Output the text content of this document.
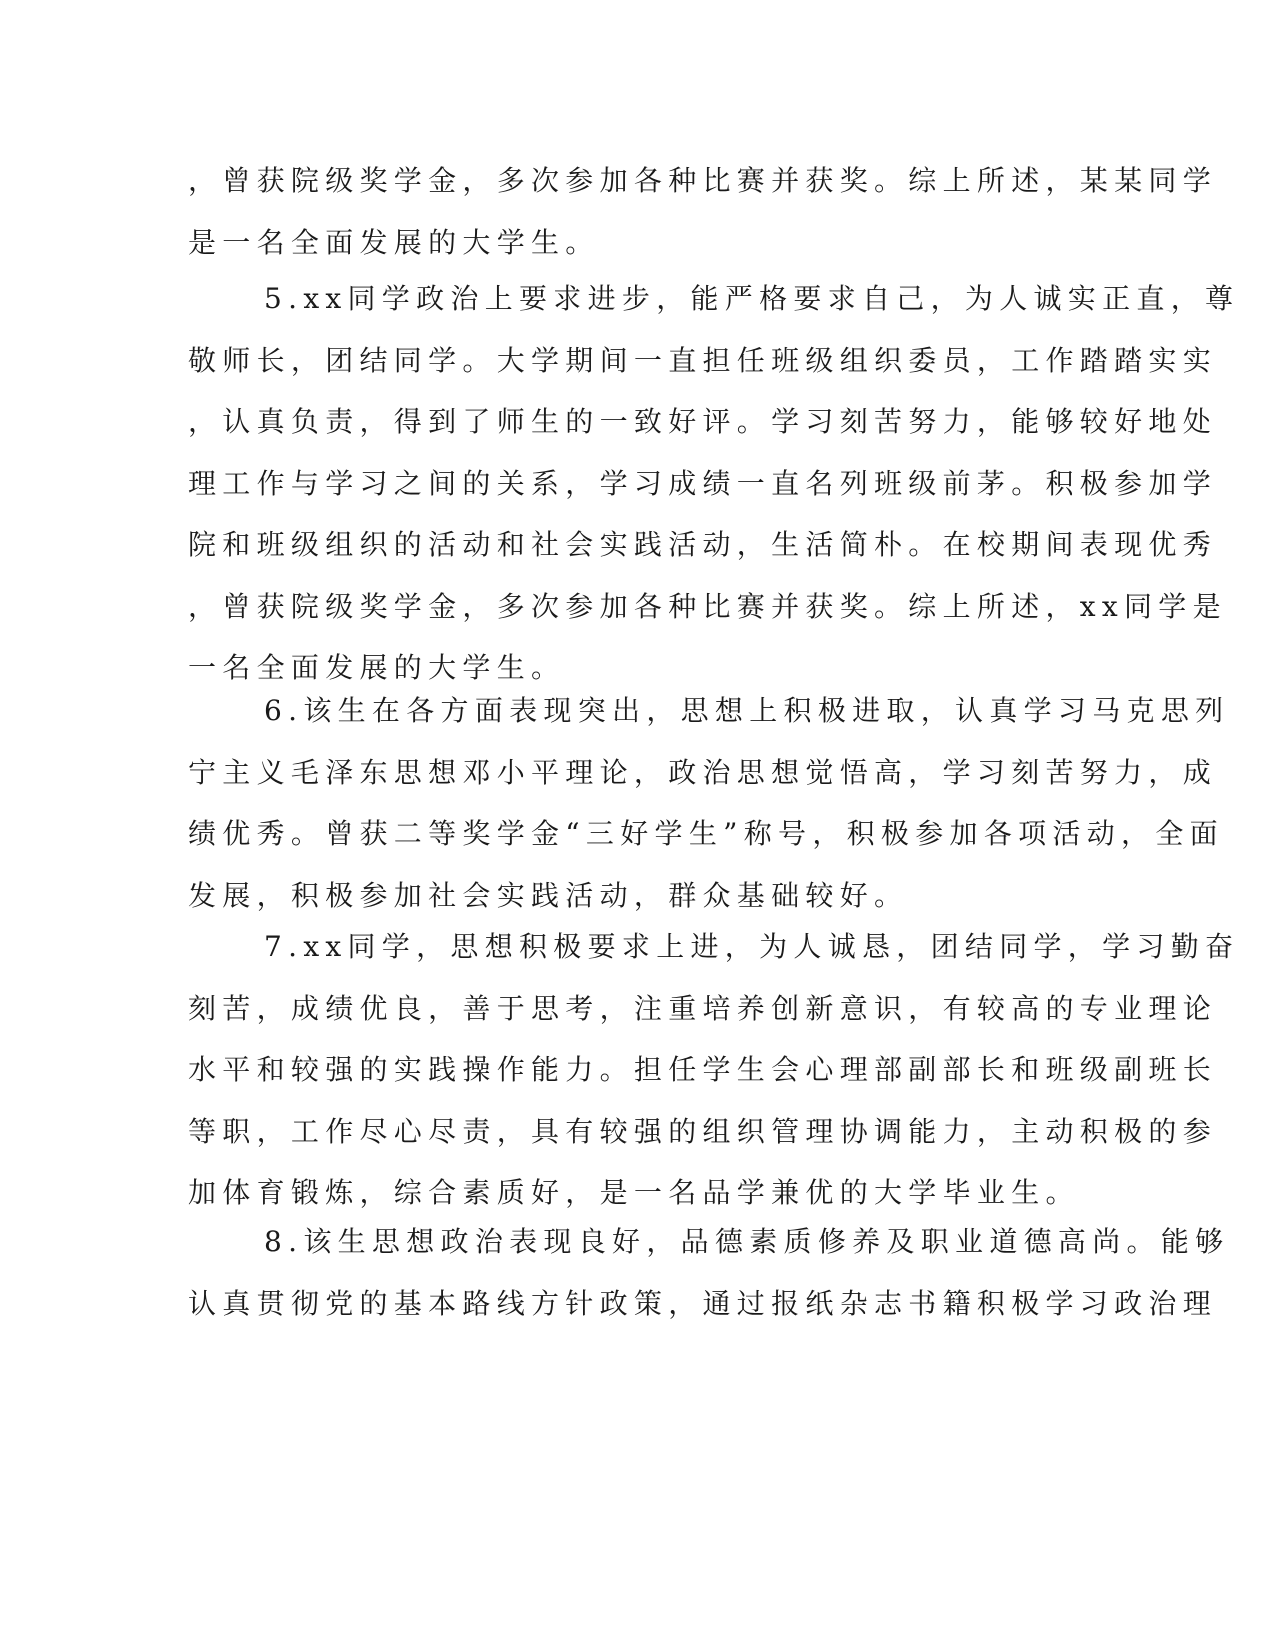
，曾获院级奖学金，多次参加各种比赛并获奖。综上所述，某某同学
是一名全面发展的大学生。
5.xx同学政治上要求进步，能严格要求自己，为人诚实正直，尊
敬师长，团结同学。大学期间一直担任班级组织委员，工作踏踏实实
，认真负责，得到了师生的一致好评。学习刻苦努力，能够较好地处
理工作与学习之间的关系，学习成绩一直名列班级前茅。积极参加学
院和班级组织的活动和社会实践活动，生活简朴。在校期间表现优秀
，曾获院级奖学金，多次参加各种比赛并获奖。综上所述，xx同学是
一名全面发展的大学生。
6.该生在各方面表现突出，思想上积极进取，认真学习马克思列
宁主义毛泽东思想邓小平理论，政治思想觉悟高，学习刻苦努力，成
绩优秀。曾获二等奖学金“三好学生”称号，积极参加各项活动，全面
发展，积极参加社会实践活动，群众基础较好。
7.xx同学，思想积极要求上进，为人诚恳，团结同学，学习勤奋
刻苦，成绩优良，善于思考，注重培养创新意识，有较高的专业理论
水平和较强的实践操作能力。担任学生会心理部副部长和班级副班长
等职，工作尽心尽责，具有较强的组织管理协调能力，主动积极的参
加体育锻炼，综合素质好，是一名品学兼优的大学毕业生。
8.该生思想政治表现良好，品德素质修养及职业道德高尚。能够
认真贯彻党的基本路线方针政策，通过报纸杂志书籍积极学习政治理
